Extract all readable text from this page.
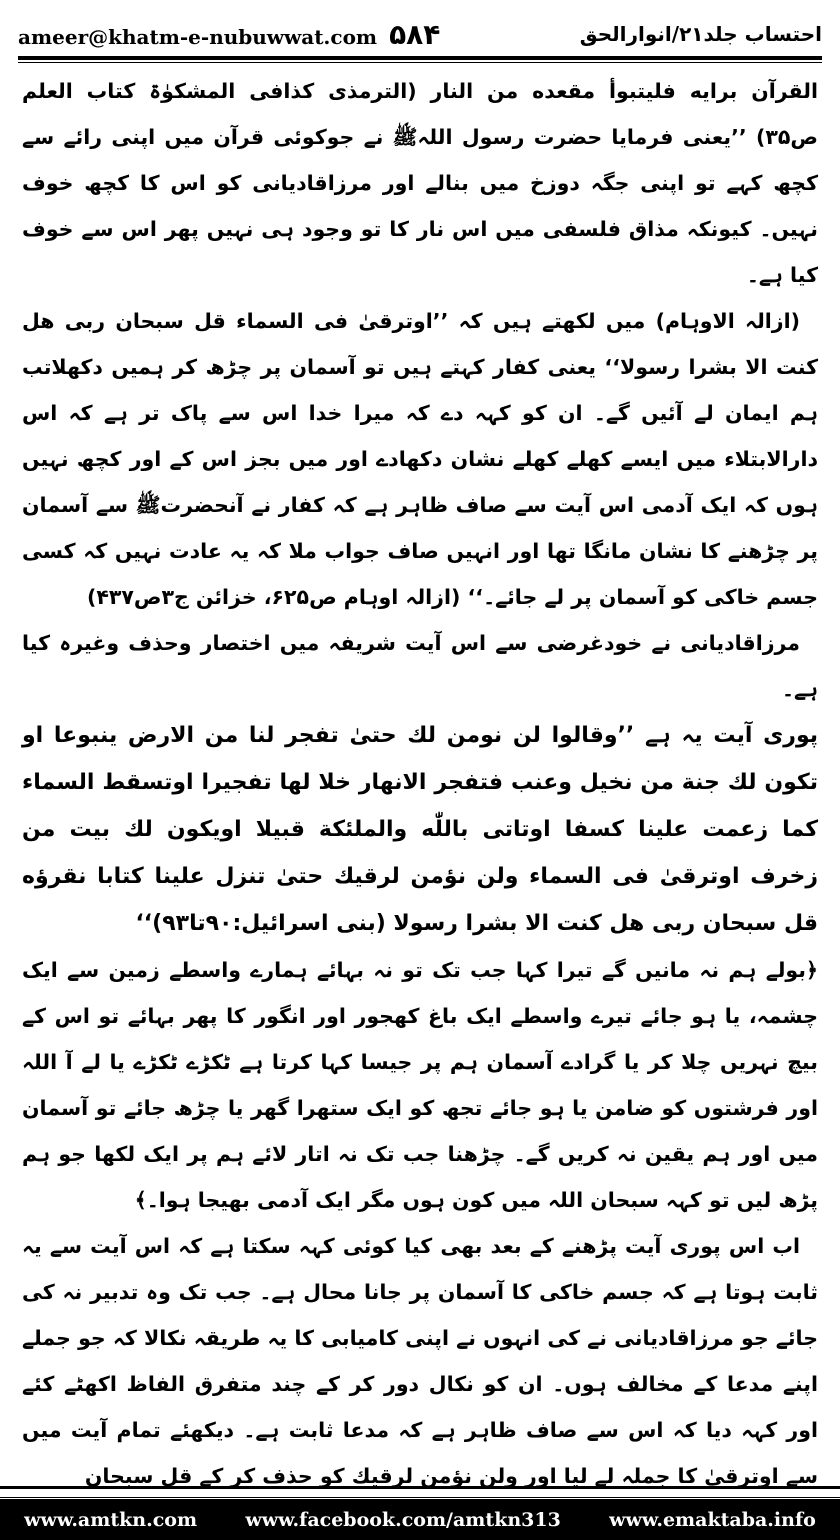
ameer@khatm-e-nubuwwat.com ۵۸۴	احتساب جلد۲۱/انوارالحق

القرآن برایه فلیتبوأ مقعده من النار (الترمذی کذافی المشکوٰۃ کتاب العلم ص۳۵) ’’یعنی فرمایا حضرت رسول اللہﷺ نے جوکوئی قرآن میں اپنی رائے سے کچھ کہے تو اپنی جگہ دوزخ میں بنالے اور مرزاقادیانی کو اس کا کچھ خوف نہیں۔ کیونکہ مذاق فلسفی میں اس نار کا تو وجود ہی نہیں پھر اس سے خوف کیا ہے۔

(ازالہ الاوہام) میں لکھتے ہیں کہ ’’اوترقیٰ فی السماء قل سبحان ربی هل کنت الا بشرا رسولا‘‘ یعنی کفار کہتے ہیں تو آسمان پر چڑھ کر ہمیں دکھلاتب ہم ایمان لے آئیں گے۔ ان کو کہہ دے کہ میرا خدا اس سے پاک تر ہے کہ اس دارالابتلاء میں ایسے کھلے کھلے نشان دکھادے اور میں بجز اس کے اور کچھ نہیں ہوں کہ ایک آدمی اس آیت سے صاف ظاہر ہے کہ کفار نے آنحضرتﷺ سے آسمان پر چڑھنے کا نشان مانگا تھا اور انہیں صاف جواب ملا کہ یہ عادت نہیں کہ کسی جسم خاکی کو آسمان پر لے جائے۔‘‘ (ازالہ اوہام ص۶۲۵، خزائن ج۳ص۴۳۷)

مرزاقادیانی نے خودغرضی سے اس آیت شریفہ میں اختصار وحذف وغیرہ کیا ہے۔

پوری آیت یہ ہے ’’وقالوا لن نومن لك حتیٰ تفجر لنا من الارض ینبوعا او تکون لك جنة من نخیل وعنب فتفجر الانهار خلا لها تفجیرا اوتسقط السماء کما زعمت علینا کسفا اوتاتی باللّٰه والملئکة قبیلا اویکون لك بیت من زخرف اوترقیٰ فی السماء ولن نؤمن لرقیك حتیٰ تنزل علینا کتابا نقرؤه قل سبحان ربی هل کنت الا بشرا رسولا (بنی اسرائیل:۹۰تا۹۳)‘‘

﴿بولے ہم نہ مانیں گے تیرا کہا جب تک تو نہ بہائے ہمارے واسطے زمین سے ایک چشمہ، یا ہو جائے تیرے واسطے ایک باغ کھجور اور انگور کا پھر بہائے تو اس کے بیچ نہریں چلا کر یا گرادے آسمان ہم پر جیسا کہا کرتا ہے ٹکڑے ٹکڑے یا لے آ اللہ اور فرشتوں کو ضامن یا ہو جائے تجھ کو ایک ستھرا گھر یا چڑھ جائے تو آسمان میں اور ہم یقین نہ کریں گے۔ چڑھنا جب تک نہ اتار لائے ہم پر ایک لکھا جو ہم پڑھ لیں تو کہہ سبحان اللہ میں کون ہوں مگر ایک آدمی بھیجا ہوا۔﴾

اب اس پوری آیت پڑھنے کے بعد بھی کیا کوئی کہہ سکتا ہے کہ اس آیت سے یہ ثابت ہوتا ہے کہ جسم خاکی کا آسمان پر جانا محال ہے۔ جب تک وہ تدبیر نہ کی جائے جو مرزاقادیانی نے کی انہوں نے اپنی کامیابی کا یہ طریقہ نکالا کہ جو جملے اپنے مدعا کے مخالف ہوں۔ ان کو نکال دور کر کے چند متفرق الفاظ اکھٹے کئے اور کہہ دیا کہ اس سے صاف ظاہر ہے کہ مدعا ثابت ہے۔ دیکھئے تمام آیت میں سے اوترقیٰ کا جملہ لے لیا اور ولن نؤمن لرقیك کو حذف کر کے قل سبحان

www.amtkn.com	www.facebook.com/amtkn313	www.emaktaba.info
